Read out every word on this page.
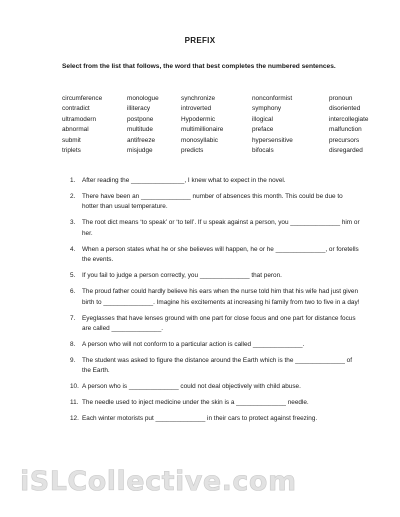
PREFIX
Select from the list that follows, the word that best completes the numbered sentences.
circumference	monologue	synchronize	nonconformist	pronoun
contradict	illiteracy	introverted	symphony	disoriented
ultramodern	postpone	Hypodermic	illogical	intercollegiate
abnormal	multitude	multimillionaire	preface	malfunction
submit	antifreeze	monosyllabic	hypersensitive	precursors
triplets	misjudge	predicts	bifocals	disregarded
1.	After reading the _______________, I knew what to expect in the novel.
2.	There have been an ______________ number of absences this month. This could be due to hotter than usual temperature.
3.	The root dict means ‘to speak’ or ‘to tell’. If u speak against a person, you ______________ him or her.
4.	When a person states what he or she believes will happen, he or he ______________, or foretells the events.
5.	If you fail to judge a person correctly, you ______________ that peron.
6.	The proud father could hardly believe his ears when the nurse told him that his wife had just given birth to ______________. Imagine his excitements at increasing hi family from two to five in a day!
7.	Eyeglasses that have lenses ground with one part for close focus and one part for distance focus are called ______________.
8.	A person who will not conform to a particular action is called ______________.
9.	The student was asked to figure the distance around the Earth which is the ______________ of the Earth.
10. A person who is ______________ could not deal objectively with child abuse.
11. The needle used to inject medicine under the skin is a ______________ needle.
12. Each winter motorists put ______________ in their cars to protect against freezing.
iSLCollective.com
